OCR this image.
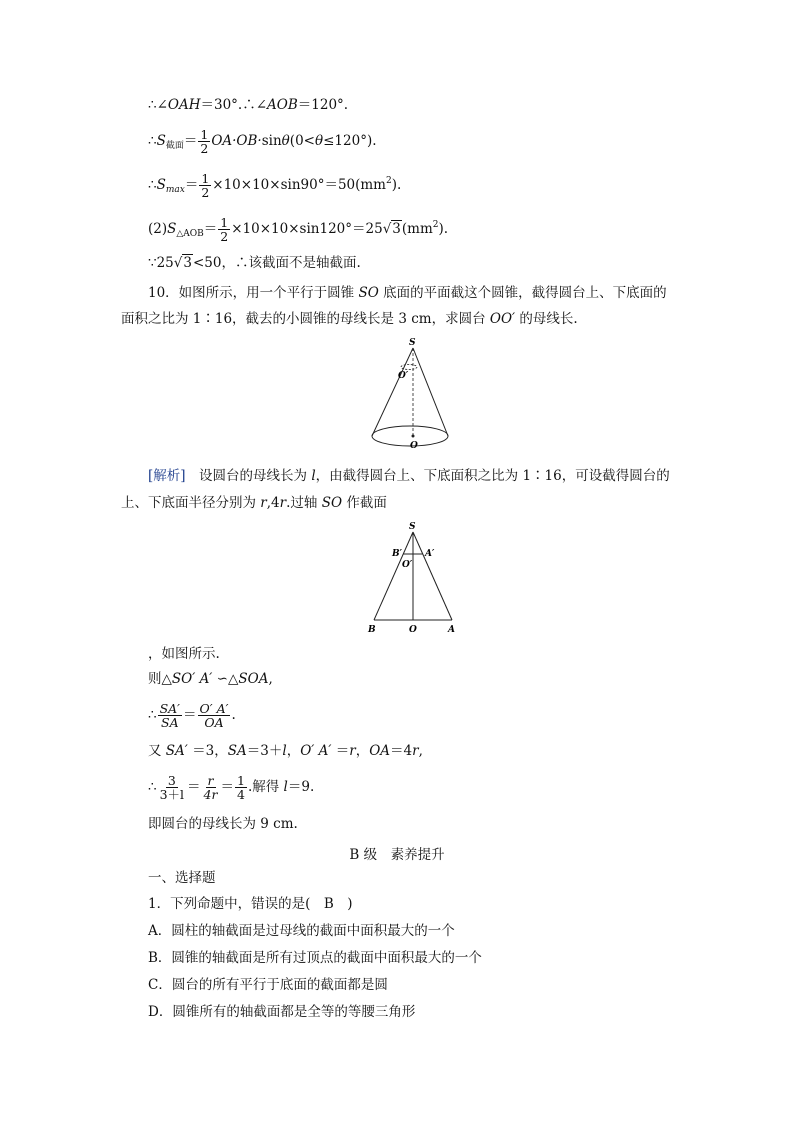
∴∠OAH＝30°.∴∠AOB＝120°.
$\therefore S_{截面}= \frac{1}{2} OA\cdot OB\cdot\sin\theta(0<\theta\le 120^\circ)$.
$\therefore S_{max}= \frac{1}{2} \times 10\times 10\times\sin 90^\circ=50(mm^2)$.
$(2)S_{\triangle AOB}= \frac{1}{2} \times 10\times 10\times\sin 120^\circ=25√3(mm^2)$.
∵25√3<50，∴该截面不是轴截面.
10．如图所示，用一个平行于圆锥 SO 底面的平面截这个圆锥，截得圆台上、下底面的
面积之比为 1∶16，截去的小圆锥的母线长是 3 cm，求圆台 OO′ 的母线长.
S
O′
O
[解析]　设圆台的母线长为 l，由截得圆台上、下底面积之比为 1∶16，可设截得圆台的
上、下底面半径分别为 r,4r.过轴 SO 作截面
S
B′	A′
O′
B	O	A
，如图所示.
则△SO′ A′ ∽△SOA,
∴ $\frac{SA'}{SA} = \frac{O' A'}{OA}$ .
又 SA′ ＝3，SA＝3＋l，O′ A′ ＝r，OA＝4r,
∴ $\frac{3}{3+l} = \frac{r}{4r} = \frac{1}{4}$ .解得 l＝9.
即圆台的母线长为 9 cm.
B 级　素养提升
一、选择题
1．下列命题中，错误的是(　B　)
A．圆柱的轴截面是过母线的截面中面积最大的一个
B．圆锥的轴截面是所有过顶点的截面中面积最大的一个
C．圆台的所有平行于底面的截面都是圆
D．圆锥所有的轴截面都是全等的等腰三角形
